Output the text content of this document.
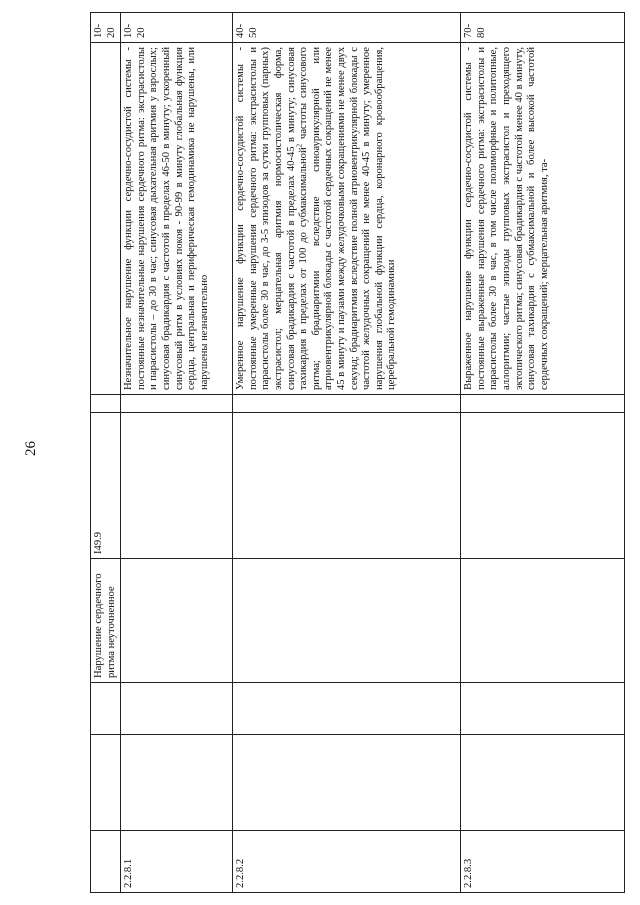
26
			Нарушение сердечного ритма неуточненное	I49.9			10-20
2.2.8.1						Незначительное нарушение функции сердечно-сосудистой системы - постоянные незначительные нарушения сердечного ритма: экстрасистолы и парасистолы – до 30 в час; синусовая дыхательная аритмия у взрослых; синусовая брадикардия с частотой в пределах 46-50 в минуту; ускоренный синусовый ритм в условиях покоя - 90-99 в минуту глобальная функция сердца, центральная и периферическая гемодинамика не нарушены, или нарушены незначительно	10-20
2.2.8.2						Умеренное нарушение функции сердечно-сосудистой системы - постоянные умеренные нарушения сердечного ритма: экстрасистолы и парасистолы более 30 в час, до 3-5 эпизодов за сутки групповых (парных) экстрасистол; мерцательная аритмия нормосистолическая форма, синусовая брадикардия с частотой в пределах 40-45 в минуту; синусовая тахикардия в пределах от 100 до субмаксимальной$^2$ частоты синусового ритма; брадиаритмии вследствие синоаурикулярной или атриовентрикулярной блокады с частотой сердечных сокращений не менее 45 в минуту и паузами между желудочковыми сокращениями не менее двух секунд; брадиаритмия вследствие полной атриовентрикулярной блокады с частотой желудочных сокращений не менее 40-45 в минуту; умеренное нарушения глобальной функции сердца, коронарного кровообращения, церебральной гемодинамики	40-50
2.2.8.3						Выраженное нарушение функции сердечно-сосудистой системы - постоянные выраженные нарушения сердечного ритма: экстрасистолы и парасистолы более 30 в час, в том числе полиморфные и политопные, аллоритмии; частые эпизоды групповых экстрасистол и преходящего эктопического ритма; синусовая брадикардия с частотой менее 40 в минуту, синусовая тахикардия с субмаксимальной и более высокой частотой сердечных сокращений; мерцательная аритмия, та-	70-80
